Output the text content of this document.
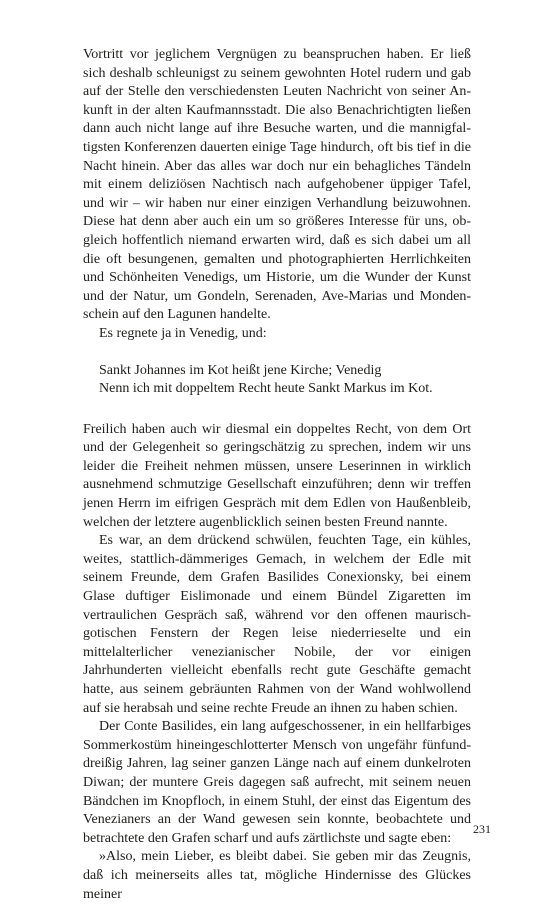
Vortritt vor jeglichem Vergnügen zu beanspruchen haben. Er ließ sich deshalb schleunigst zu seinem gewohnten Hotel rudern und gab auf der Stelle den verschiedensten Leuten Nachricht von seiner Ankunft in der alten Kaufmannsstadt. Die also Benachrichtigten ließen dann auch nicht lange auf ihre Besuche warten, und die mannigfaltigsten Konferenzen dauerten einige Tage hindurch, oft bis tief in die Nacht hinein. Aber das alles war doch nur ein behagliches Tändeln mit einem deliziösen Nachtisch nach aufgehobener üppiger Tafel, und wir – wir haben nur einer einzigen Verhandlung beizuwohnen. Diese hat denn aber auch ein um so größeres Interesse für uns, obgleich hoffentlich niemand erwarten wird, daß es sich dabei um all die oft besungenen, gemalten und photographierten Herrlichkeiten und Schönheiten Venedigs, um Historie, um die Wunder der Kunst und der Natur, um Gondeln, Serenaden, Ave-Marias und Mondenschein auf den Lagunen handelte.

Es regnete ja in Venedig, und:

Sankt Johannes im Kot heißt jene Kirche; Venedig
Nenn ich mit doppeltem Recht heute Sankt Markus im Kot.

Freilich haben auch wir diesmal ein doppeltes Recht, von dem Ort und der Gelegenheit so geringschätzig zu sprechen, indem wir uns leider die Freiheit nehmen müssen, unsere Leserinnen in wirklich ausnehmend schmutzige Gesellschaft einzuführen; denn wir treffen jenen Herrn im eifrigen Gespräch mit dem Edlen von Haußenbleib, welchen der letztere augenblicklich seinen besten Freund nannte.

Es war, an dem drückend schwülen, feuchten Tage, ein kühles, weites, stattlich-dämmeriges Gemach, in welchem der Edle mit seinem Freunde, dem Grafen Basilides Conexionsky, bei einem Glase duftiger Eislimonade und einem Bündel Zigaretten im vertraulichen Gespräch saß, während vor den offenen maurisch-gotischen Fenstern der Regen leise niederrieselte und ein mittelalterlicher venezianischer Nobile, der vor einigen Jahrhunderten vielleicht ebenfalls recht gute Geschäfte gemacht hatte, aus seinem gebräunten Rahmen von der Wand wohlwollend auf sie herabsah und seine rechte Freude an ihnen zu haben schien.

Der Conte Basilides, ein lang aufgeschossener, in ein hellfarbiges Sommerkostüm hineingeschlotterter Mensch von ungefähr fünfunddreißig Jahren, lag seiner ganzen Länge nach auf einem dunkelroten Diwan; der muntere Greis dagegen saß aufrecht, mit seinem neuen Bändchen im Knopfloch, in einem Stuhl, der einst das Eigentum des Venezianers an der Wand gewesen sein konnte, beobachtete und betrachtete den Grafen scharf und aufs zärtlichste und sagte eben:

»Also, mein Lieber, es bleibt dabei. Sie geben mir das Zeugnis, daß ich meinerseits alles tat, mögliche Hindernisse des Glückes meiner

231
